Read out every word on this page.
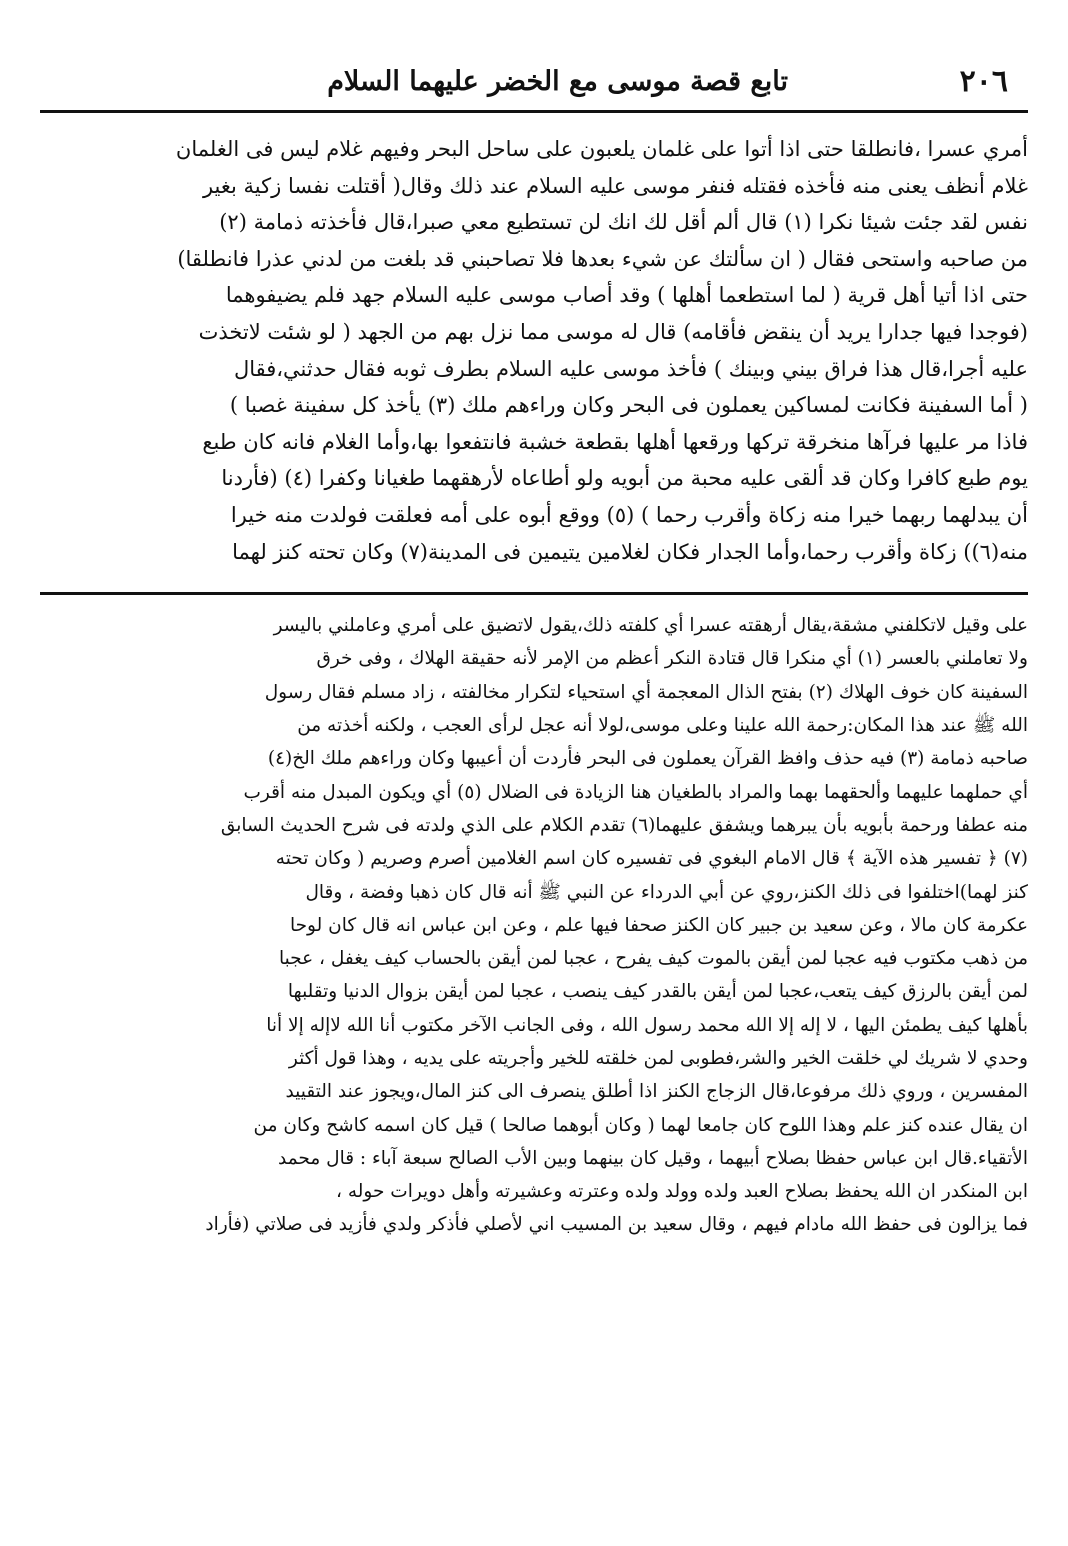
٢٠٦
تابع قصة موسى مع الخضر عليهما السلام

أمري عسرا ،فانطلقا حتى اذا أتوا على غلمان يلعبون على ساحل البحر وفيهم غلام ليس فى الغلمان

غلام أنظف يعنى منه فأخذه فقتله فنفر موسى عليه السلام عند ذلك وقال( أقتلت نفسا زكية بغير

نفس لقد جئت شيئا نكرا (١) قال ألم أقل لك انك لن تستطيع معي صبرا،قال فأخذته ذمامة (٢)

من صاحبه واستحى فقال ( ان سألتك عن شيء بعدها فلا تصاحبني قد بلغت من لدني عذرا فانطلقا)

حتى اذا أتيا أهل قرية ( لما استطعما أهلها ) وقد أصاب موسى عليه السلام جهد فلم يضيفوهما

(فوجدا فيها جدارا يريد أن ينقض فأقامه) قال له موسى مما نزل بهم من الجهد ( لو شئت لاتخذت

عليه أجرا،قال هذا فراق بيني وبينك ) فأخذ موسى عليه السلام بطرف ثوبه فقال حدثني،فقال

( أما السفينة فكانت لمساكين يعملون فى البحر وكان وراءهم ملك (٣) يأخذ كل سفينة غصبا )

فاذا مر عليها فرآها منخرقة تركها ورقعها أهلها بقطعة خشبة فانتفعوا بها،وأما الغلام فانه كان طبع

يوم طبع كافرا وكان قد ألقى عليه محبة من أبويه ولو أطاعاه لأرهقهما طغيانا وكفرا (٤) (فأردنا

أن يبدلهما ربهما خيرا منه زكاة وأقرب رحما ) (٥) ووقع أبوه على أمه فعلقت فولدت منه خيرا

منه(٦)) زكاة وأقرب رحما،وأما الجدار فكان لغلامين يتيمين فى المدينة(٧) وكان تحته كنز لهما

على وقيل لاتكلفني مشقة،يقال أرهقته عسرا أي كلفته ذلك،يقول لاتضيق على أمري وعاملني باليسر

ولا تعاملني بالعسر (١) أي منكرا قال قتادة النكر أعظم من الإمر لأنه حقيقة الهلاك ، وفى خرق

السفينة كان خوف الهلاك (٢) بفتح الذال المعجمة أي استحياء لتكرار مخالفته ، زاد مسلم فقال رسول

الله ﷺ عند هذا المكان:رحمة الله علينا وعلى موسى،لولا أنه عجل لرأى العجب ، ولكنه أخذته من

صاحبه ذمامة (٣) فيه حذف وافظ القرآن يعملون فى البحر فأردت أن أعيبها وكان وراءهم ملك الخ(٤)

أي حملهما عليهما وألحقهما بهما والمراد بالطغيان هنا الزيادة فى الضلال (٥) أي ويكون المبدل منه أقرب

منه عطفا ورحمة بأبويه بأن يبرهما ويشفق عليهما(٦) تقدم الكلام على الذي ولدته فى شرح الحديث السابق

(٧) ﴿ تفسير هذه الآية ﴾ قال الامام البغوي فى تفسيره كان اسم الغلامين أصرم وصريم ( وكان تحته

كنز لهما)اختلفوا فى ذلك الكنز،روي عن أبي الدرداء عن النبي ﷺ أنه قال كان ذهبا وفضة ، وقال

عكرمة كان مالا ، وعن سعيد بن جبير كان الكنز صحفا فيها علم ، وعن ابن عباس انه قال كان لوحا

من ذهب مكتوب فيه عجبا لمن أيقن بالموت كيف يفرح ، عجبا لمن أيقن بالحساب كيف يغفل ، عجبا

لمن أيقن بالرزق كيف يتعب،عجبا لمن أيقن بالقدر كيف ينصب ، عجبا لمن أيقن بزوال الدنيا وتقلبها

بأهلها كيف يطمئن اليها ، لا إله إلا الله محمد رسول الله ، وفى الجانب الآخر مكتوب أنا الله لاإله إلا أنا

وحدي لا شريك لي خلقت الخير والشر،فطوبى لمن خلقته للخير وأجريته على يديه ، وهذا قول أكثر

المفسرين ، وروي ذلك مرفوعا،قال الزجاج الكنز اذا أطلق ينصرف الى كنز المال،ويجوز عند التقييد

ان يقال عنده كنز علم وهذا اللوح كان جامعا لهما ( وكان أبوهما صالحا ) قيل كان اسمه كاشح وكان من

الأتقياء.قال ابن عباس حفظا بصلاح أبيهما ، وقيل كان بينهما وبين الأب الصالح سبعة آباء : قال محمد

ابن المنكدر ان الله يحفظ بصلاح العبد ولده وولد ولده وعترته وعشيرته وأهل دويرات حوله ،

فما يزالون فى حفظ الله مادام فيهم ، وقال سعيد بن المسيب اني لأصلي فأذكر ولدي فأزيد فى صلاتي (فأراد
